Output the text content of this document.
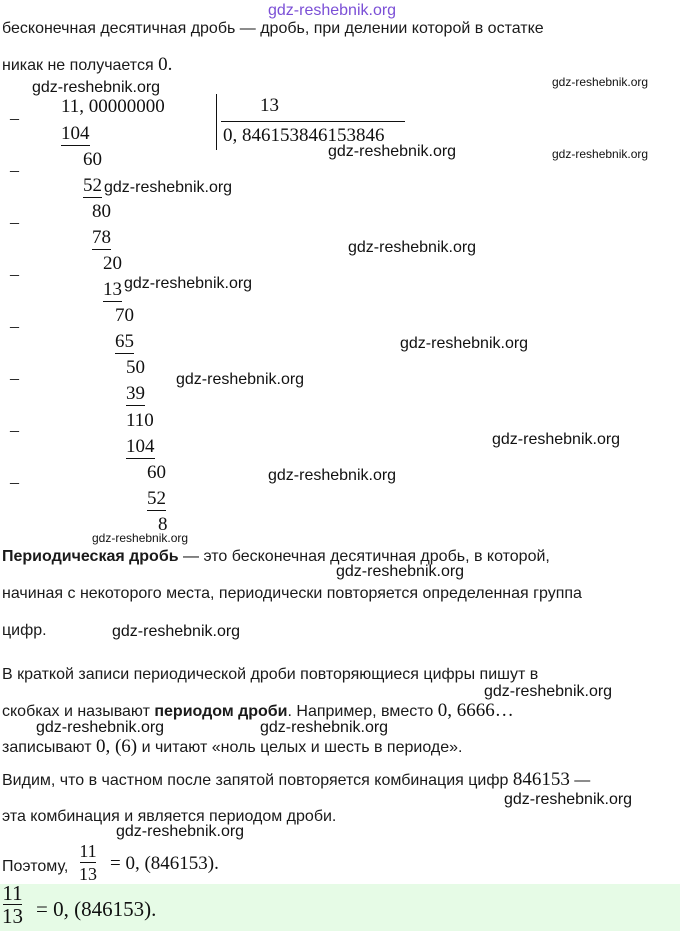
gdz-reshebnik.org
бесконечная десятичная дробь — дробь, при делении которой в остатке
никак не получается 0.
–
–
–
–
–
–
–
–
11, 00000000	13
0, 846153846153846
104
60
52
80
78
20
13
70
65
50
39
110
104
60
52
8
Периодическая дробь — это бесконечная десятичная дробь, в которой,
начиная с некоторого места, периодически повторяется определенная группа
цифр.
В краткой записи периодической дроби повторяющиеся цифры пишут в
скобках и называют периодом дроби. Например, вместо 0, 6666…
записывают 0, (6) и читают «ноль целых и шесть в периоде».
Видим, что в частном после запятой повторяется комбинация цифр 846153 —
эта комбинация и является периодом дроби.
Поэтому,
11
13 = 0, (846153).
11
13 = 0, (846153).
gdz-reshebnik.org	gdz-reshebnik.org
gdz-reshebnik.org	gdz-reshebnik.org
gdz-reshebnik.org
gdz-reshebnik.org
gdz-reshebnik.org
gdz-reshebnik.org
gdz-reshebnik.org
gdz-reshebnik.org
gdz-reshebnik.org
gdz-reshebnik.org
gdz-reshebnik.org
gdz-reshebnik.org
gdz-reshebnik.org
gdz-reshebnik.org	gdz-reshebnik.org
gdz-reshebnik.org
gdz-reshebnik.org
